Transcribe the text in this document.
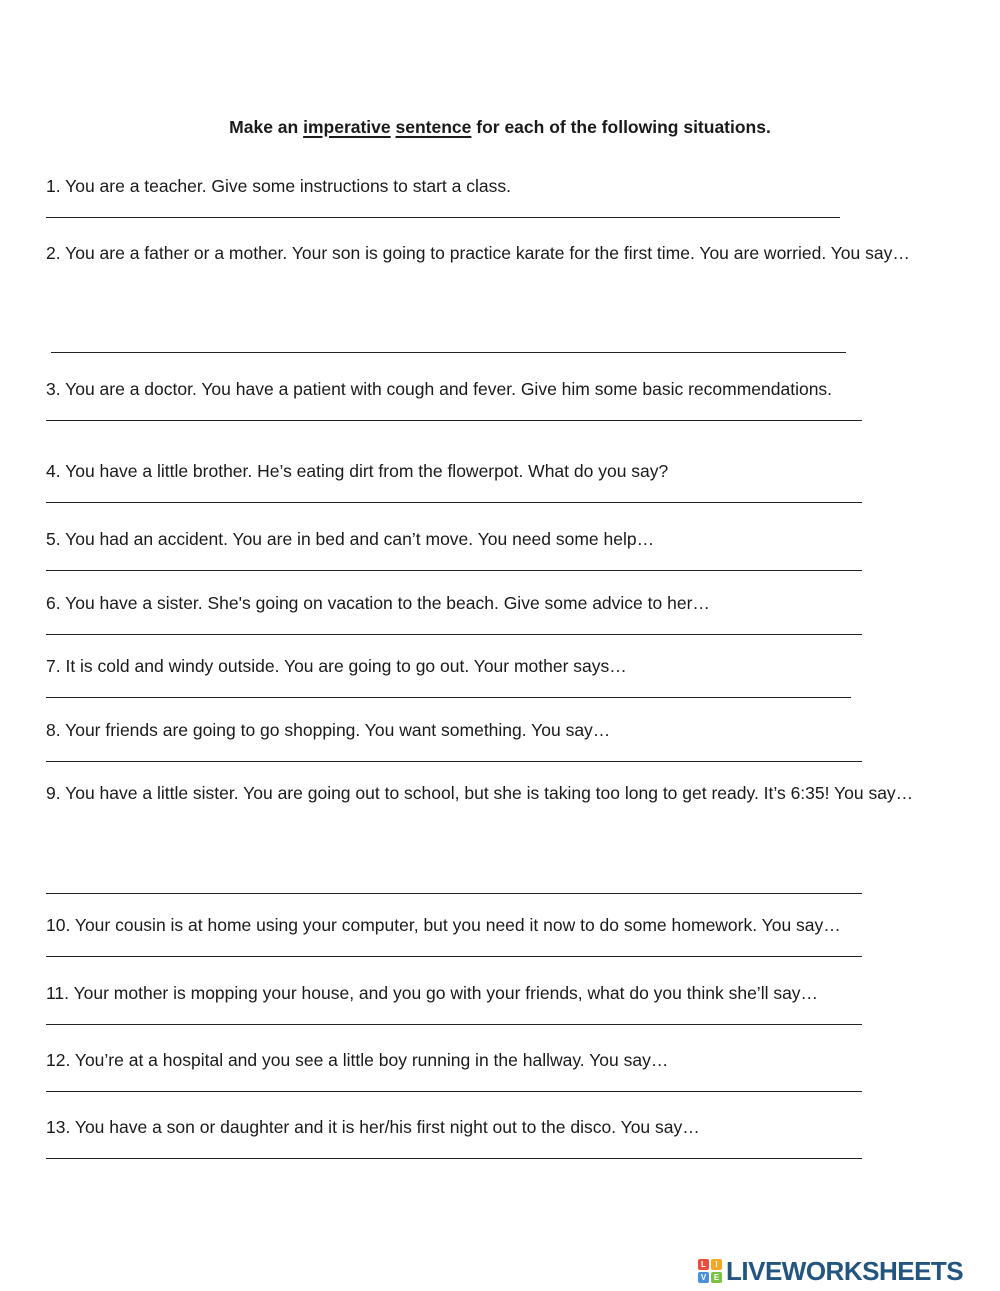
Make an imperative sentence for each of the following situations.
1. You are a teacher. Give some instructions to start a class.
2. You are a father or a mother. Your son is going to practice karate for the first time. You are worried. You say…
3. You are a doctor. You have a patient with cough and fever. Give him some basic recommendations.
4. You have a little brother. He’s eating dirt from the flowerpot. What do you say?
5. You had an accident. You are in bed and can’t move. You need some help…
6. You have a sister. She's going on vacation to the beach. Give some advice to her…
7. It is cold and windy outside. You are going to go out. Your mother says…
8. Your friends are going to go shopping. You want something. You say…
9. You have a little sister. You are going out to school, but she is taking too long to get ready. It’s 6:35! You say…
10. Your cousin is at home using your computer, but you need it now to do some homework. You say…
11. Your mother is mopping your house, and you go with your friends, what do you think she’ll say…
12. You’re at a hospital and you see a little boy running in the hallway. You say…
13. You have a son or daughter and it is her/his first night out to the disco. You say…
L	I
V E LIVEWORKSHEETS
